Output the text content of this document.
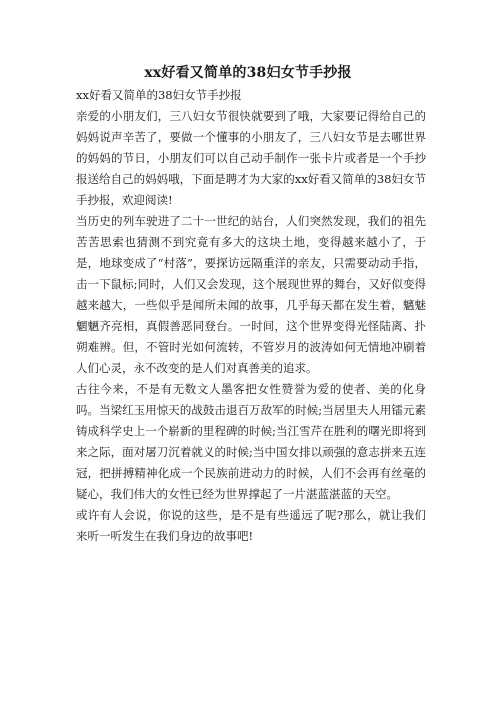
xx好看又简单的38妇女节手抄报
xx好看又简单的38妇女节手抄报

亲爱的小朋友们，三八妇女节很快就要到了哦，大家要记得给自己的妈妈说声辛苦了，要做一个懂事的小朋友了，三八妇女节是去哪世界的妈妈的节日，小朋友们可以自己动手制作一张卡片或者是一个手抄报送给自己的妈妈哦，下面是聘才为大家的xx好看又简单的38妇女节手抄报，欢迎阅读!

当历史的列车驶进了二十一世纪的站台，人们突然发现，我们的祖先苦苦思索也猜测不到究竟有多大的这块土地，变得越来越小了，于是，地球变成了“村落”，要探访远隔重洋的亲友，只需要动动手指，击一下鼠标;同时，人们又会发现，这个展现世界的舞台，又好似变得越来越大，一些似乎是闻所未闻的故事，几乎每天都在发生着，魑魅魍魉齐亮相，真假善恶同登台。一时间，这个世界变得光怪陆离、扑朔难辨。但，不管时光如何流转，不管岁月的波涛如何无情地冲刷着人们心灵，永不改变的是人们对真善美的追求。

古往今来，不是有无数文人墨客把女性赞誉为爱的使者、美的化身吗。当梁红玉用惊天的战鼓击退百万敌军的时候;当居里夫人用镭元素铸成科学史上一个崭新的里程碑的时候;当江雪芹在胜利的曙光即将到来之际，面对屠刀沉着就义的时候;当中国女排以顽强的意志拼来五连冠，把拼搏精神化成一个民族前进动力的时候，人们不会再有丝毫的疑心，我们伟大的女性已经为世界撑起了一片湛蓝湛蓝的天空。

或许有人会说，你说的这些，是不是有些遥远了呢?那么，就让我们来听一听发生在我们身边的故事吧!
